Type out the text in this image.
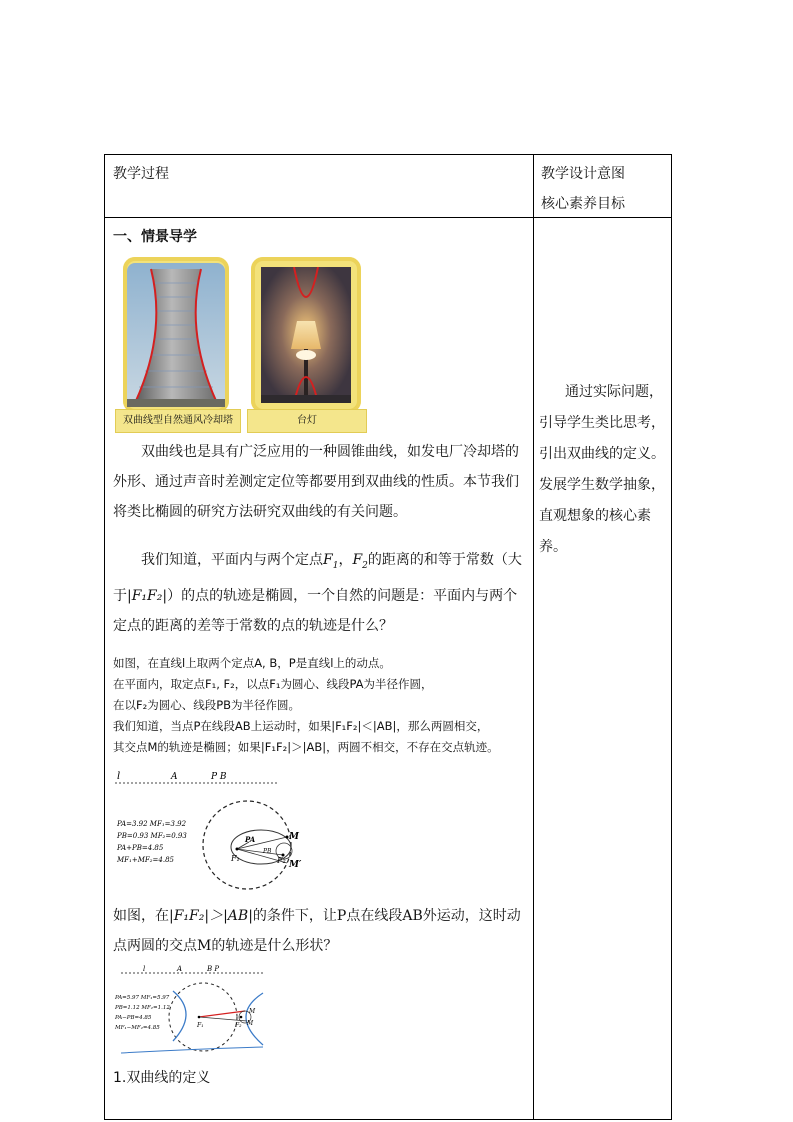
教学过程	教学设计意图
核心素养目标
一、情景导学
双曲线型自然通风冷却塔	台灯

双曲线也是具有广泛应用的一种圆锥曲线，如发电厂冷却塔的外形、通过声音时差测定定位等都要用到双曲线的性质。本节我们将类比椭圆的研究方法研究双曲线的有关问题。

我们知道，平面内与两个定点$F_1$，$F_2$的距离的和等于常数（大于|F₁F₂|）的点的轨迹是椭圆，一个自然的问题是：平面内与两个定点的距离的差等于常数的点的轨迹是什么？

如图，在直线l上取两个定点A, B，P是直线l上的动点。
在平面内，取定点F₁, F₂，以点F₁为圆心、线段PA为半径作圆，
在以F₂为圆心、线段PB为半径作圆。
我们知道，当点P在线段AB上运动时，如果|F₁F₂|＜|AB|，那么两圆相交，
其交点M的轨迹是椭圆；如果|F₁F₂|＞|AB|，两圆不相交，不存在交点轨迹。
l	A	P B
PA=3.92 MF₁=3.92
PB=0.93 MF₂=0.93
PA+PB=4.85
MF₁+MF₂=4.85
PA
PB
M
M′
F₁	F₂

如图，在|F₁F₂|＞|AB|的条件下，让P点在线段AB外运动，这时动点两圆的交点M的轨迹是什么形状？

l	A	B P
PA=5.97 MF₁=5.97
PB=1.12 MF₂=1.12
PA−PB=4.85
MF₁−MF₂=4.85	F₁	F₂
M
M
1.双曲线的定义
通过实际问题，
引导学生类比思考，
引出双曲线的定义。
发展学生数学抽象，
直观想象的核心素
养。
